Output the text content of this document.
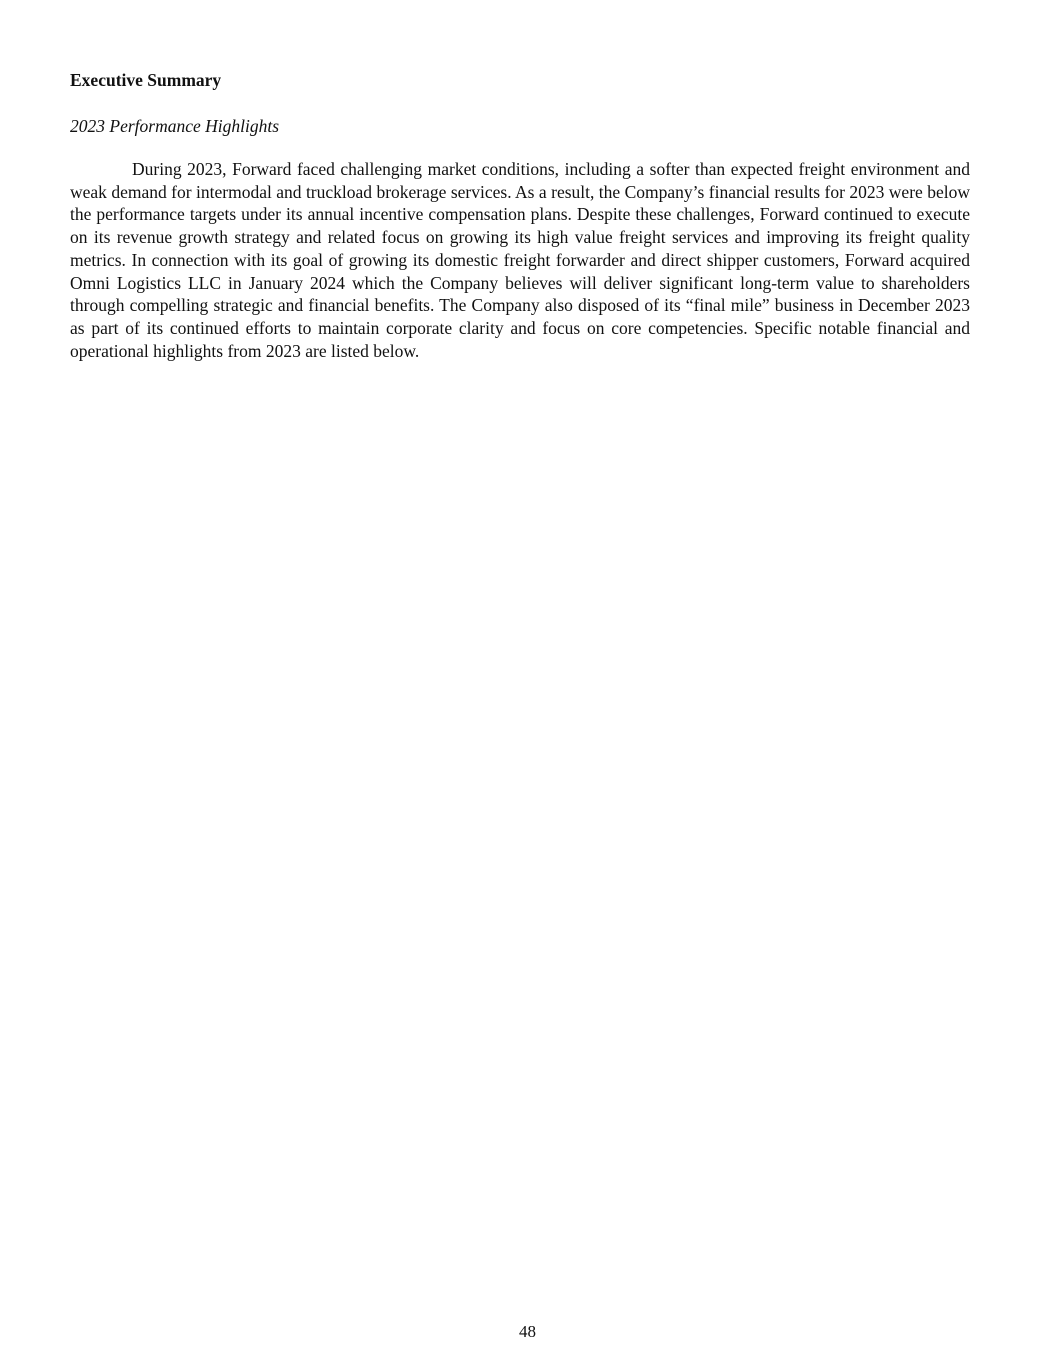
Executive Summary

2023 Performance Highlights

During 2023, Forward faced challenging market conditions, including a softer than expected freight environment and weak demand for intermodal and truckload brokerage services. As a result, the Company’s financial results for 2023 were below the performance targets under its annual incentive compensation plans. Despite these challenges, Forward continued to execute on its revenue growth strategy and related focus on growing its high value freight services and improving its freight quality metrics. In connection with its goal of growing its domestic freight forwarder and direct shipper customers, Forward acquired Omni Logistics LLC in January 2024 which the Company believes will deliver significant long-term value to shareholders through compelling strategic and financial benefits. The Company also disposed of its “final mile” business in December 2023 as part of its continued efforts to maintain corporate clarity and focus on core competencies. Specific notable financial and operational highlights from 2023 are listed below.

48
